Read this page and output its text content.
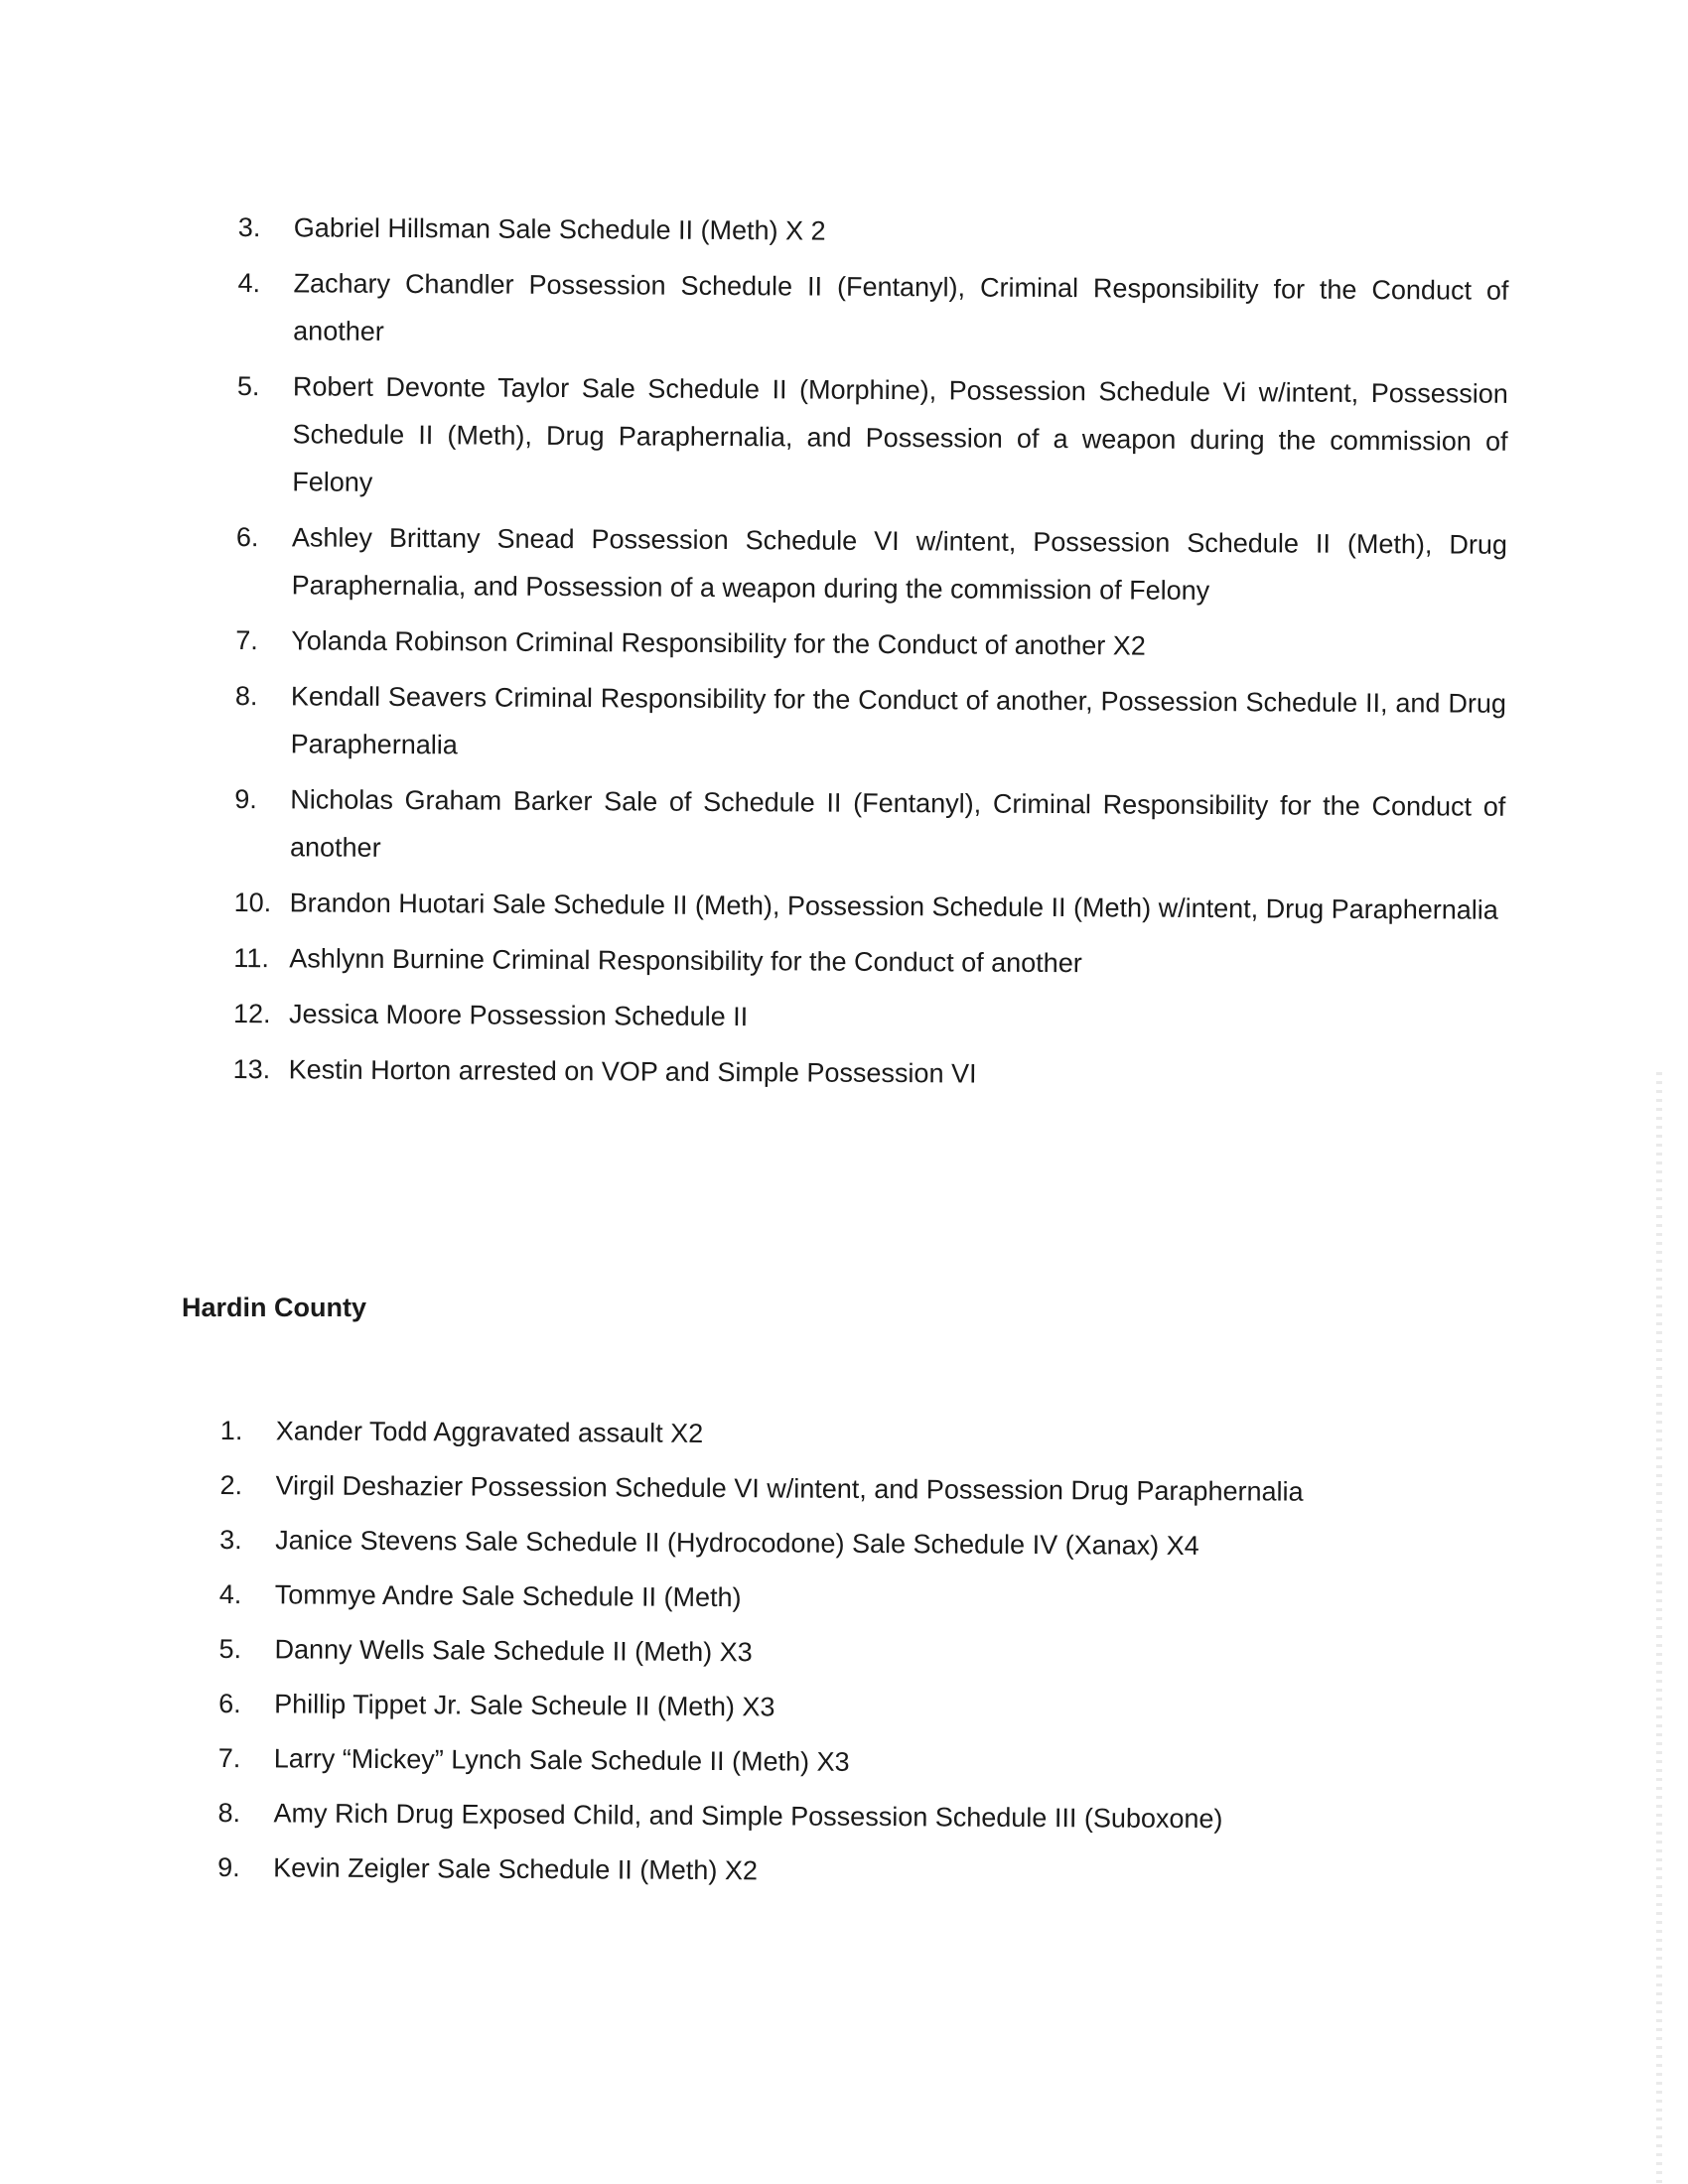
3.	Gabriel Hillsman Sale Schedule II (Meth) X 2
4.	Zachary Chandler Possession Schedule II (Fentanyl), Criminal Responsibility for the Conduct of another
5.	Robert Devonte Taylor Sale Schedule II (Morphine), Possession Schedule Vi w/intent, Possession Schedule II (Meth), Drug Paraphernalia, and Possession of a weapon during the commission of Felony
6.	Ashley Brittany Snead Possession Schedule VI w/intent, Possession Schedule II (Meth), Drug Paraphernalia, and Possession of a weapon during the commission of Felony
7.	Yolanda Robinson Criminal Responsibility for the Conduct of another X2
8.	Kendall Seavers Criminal Responsibility for the Conduct of another, Possession Schedule II, and Drug Paraphernalia
9.	Nicholas Graham Barker Sale of Schedule II (Fentanyl), Criminal Responsibility for the Conduct of another
10. Brandon Huotari Sale Schedule II (Meth), Possession Schedule II (Meth) w/intent, Drug Paraphernalia
11. Ashlynn Burnine Criminal Responsibility for the Conduct of another
12. Jessica Moore Possession Schedule II
13. Kestin Horton arrested on VOP and Simple Possession VI
Hardin County
1.	Xander Todd Aggravated assault X2
2.	Virgil Deshazier Possession Schedule VI w/intent, and Possession Drug Paraphernalia
3.	Janice Stevens Sale Schedule II (Hydrocodone) Sale Schedule IV (Xanax) X4
4.	Tommye Andre Sale Schedule II (Meth)
5.	Danny Wells Sale Schedule II (Meth) X3
6.	Phillip Tippet Jr. Sale Scheule II (Meth) X3
7.	Larry “Mickey” Lynch Sale Schedule II (Meth) X3
8.	Amy Rich Drug Exposed Child, and Simple Possession Schedule III (Suboxone)
9.	Kevin Zeigler Sale Schedule II (Meth) X2
